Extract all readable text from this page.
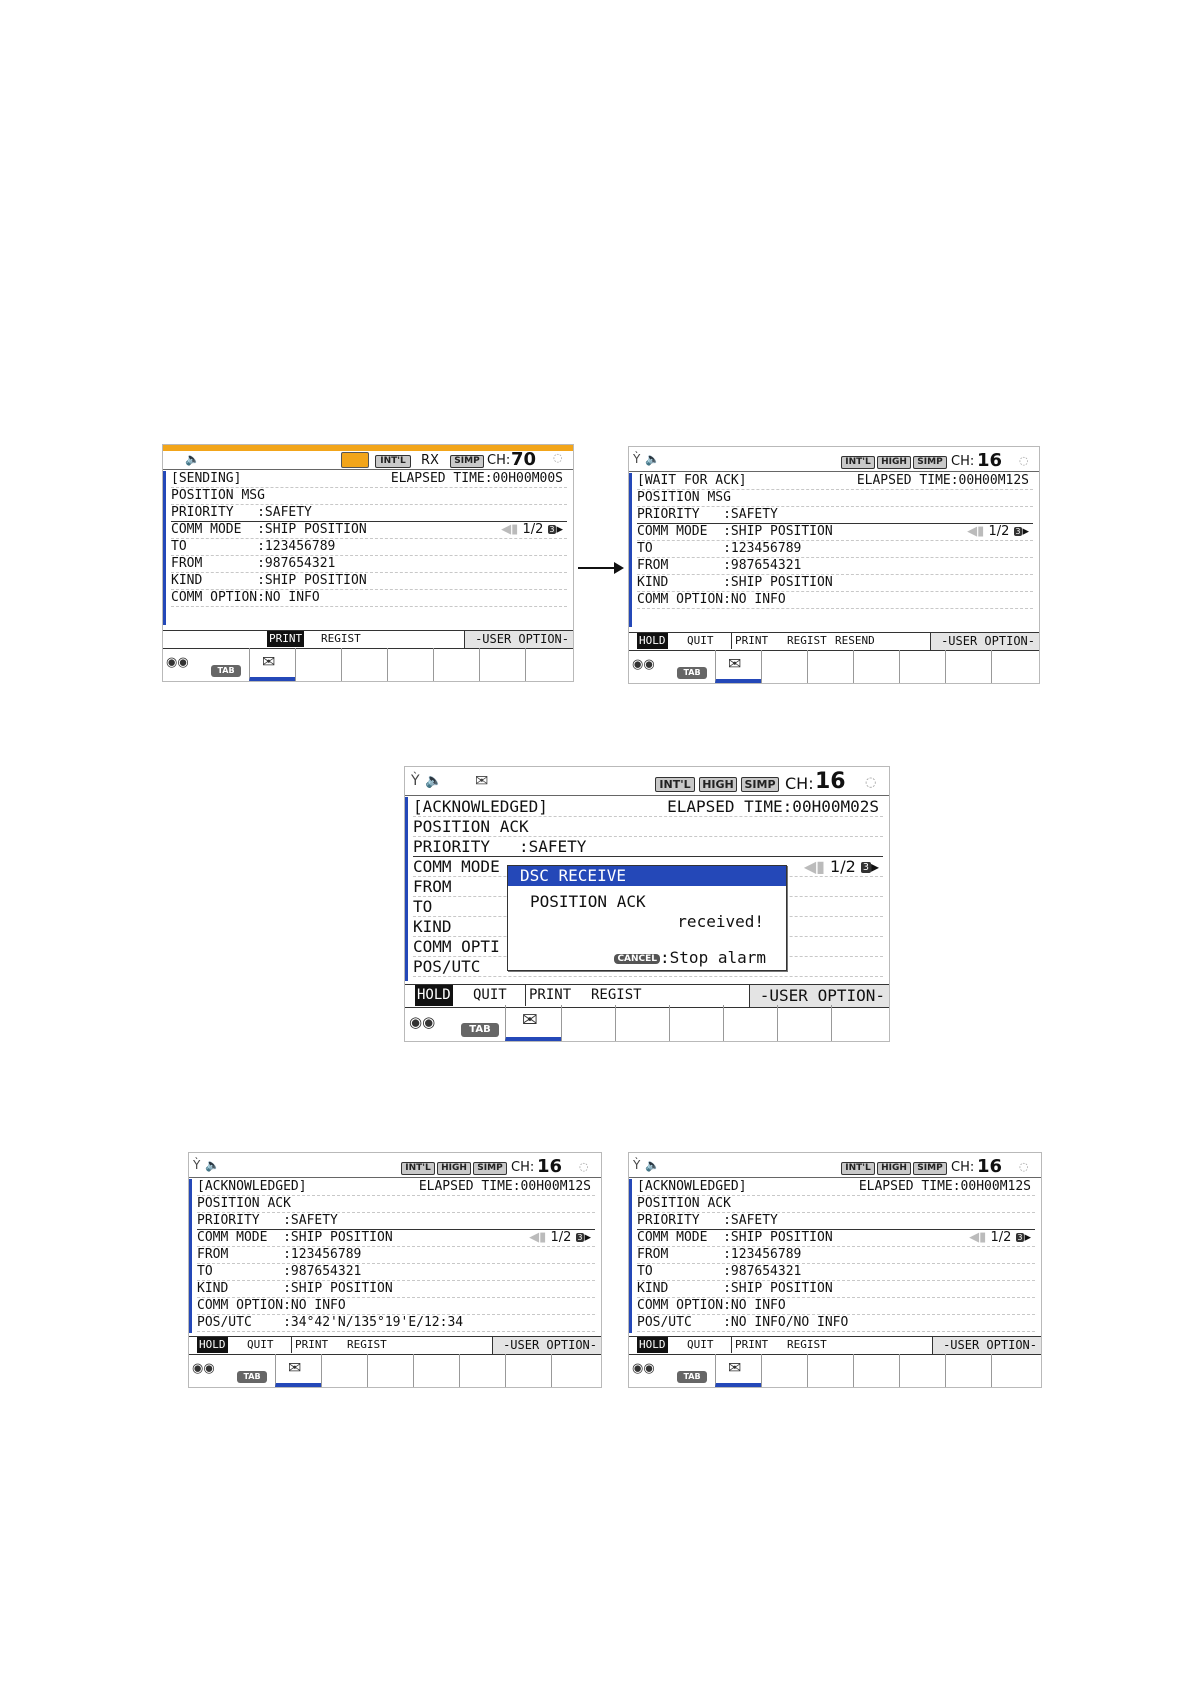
🔈	INT'L	RX	SIMP CH: 70 ◌
[SENDING]	ELAPSED TIME:00H00M00S
POSITION MSG
PRIORITY   :SAFETY
COMM MODE  :SHIP POSITION	◀▮ 1/2 3 ▸
TO         :123456789
FROM       :987654321
KIND       :SHIP POSITION
COMM OPTION:NO INFO
PRINT REGIST	-USER OPTION-
◉◉
TAB	✉
Ỳ 🔈	INT'L	HIGH	SIMP CH: 16 ◌
[WAIT FOR ACK]	ELAPSED TIME:00H00M12S
POSITION MSG
PRIORITY   :SAFETY
COMM MODE  :SHIP POSITION	◀▮ 1/2 3 ▸
TO         :123456789
FROM       :987654321
KIND       :SHIP POSITION
COMM OPTION:NO INFO
HOLD QUIT	PRINT REGIST RESEND	-USER OPTION-
◉◉
TAB	✉
Ỳ 🔈 ✉	INT'L	HIGH SIMP CH: 16 ◌
[ACKNOWLEDGED]	ELAPSED TIME:00H00M02S
POSITION ACK
PRIORITY   :SAFETY
COMM MODE	◀▮ 1/2 3 ▸
FROM
TO
KIND
COMM OPTI
POS/UTC
DSC RECEIVE
POSITION ACK
received!
CANCEL :Stop alarm
HOLD QUIT PRINT REGIST	-USER OPTION-
◉◉	TAB	✉
Ỳ 🔈	INT'L	HIGH	SIMP CH: 16 ◌
[ACKNOWLEDGED]	ELAPSED TIME:00H00M12S
POSITION ACK
PRIORITY   :SAFETY
COMM MODE  :SHIP POSITION	◀▮ 1/2 3 ▸
FROM       :123456789
TO         :987654321
KIND       :SHIP POSITION
COMM OPTION:NO INFO
POS/UTC    :34°42'N/135°19'E/12:34
HOLD QUIT	PRINT REGIST	-USER OPTION-
◉◉
TAB	✉
Ỳ 🔈	INT'L	HIGH	SIMP CH: 16 ◌
[ACKNOWLEDGED]	ELAPSED TIME:00H00M12S
POSITION ACK
PRIORITY   :SAFETY
COMM MODE  :SHIP POSITION	◀▮ 1/2 3 ▸
FROM       :123456789
TO         :987654321
KIND       :SHIP POSITION
COMM OPTION:NO INFO
POS/UTC    :NO INFO/NO INFO
HOLD QUIT	PRINT REGIST	-USER OPTION-
◉◉
TAB	✉
